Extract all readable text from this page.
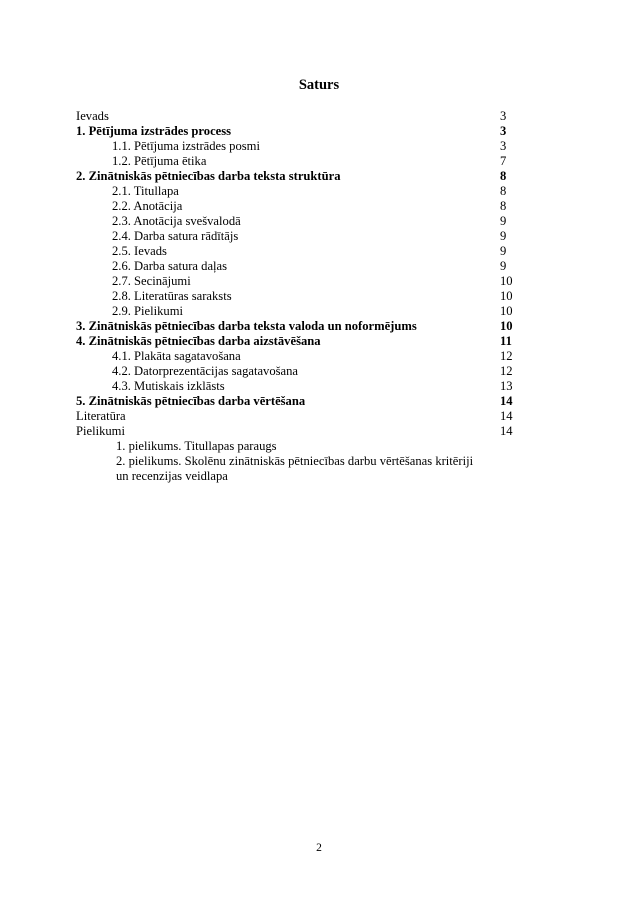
Saturs
Ievads	3
1. Pētījuma izstrādes process	3
1.1. Pētījuma izstrādes posmi	3
1.2. Pētījuma ētika	7
2. Zinātniskās pētniecības darba teksta struktūra	8
2.1. Titullapa	8
2.2. Anotācija	8
2.3. Anotācija svešvalodā	9
2.4. Darba satura rādītājs	9
2.5. Ievads	9
2.6. Darba satura daļas	9
2.7. Secinājumi	10
2.8. Literatūras saraksts	10
2.9. Pielikumi	10
3. Zinātniskās pētniecības darba teksta valoda un noformējums	10
4. Zinātniskās pētniecības darba aizstāvēšana	11
4.1. Plakāta sagatavošana	12
4.2. Datorprezentācijas sagatavošana	12
4.3. Mutiskais izklāsts	13
5. Zinātniskās pētniecības darba vērtēšana	14
Literatūra	14
Pielikumi	14
1. pielikums. Titullapas paraugs
2. pielikums. Skolēnu zinātniskās pētniecības darbu vērtēšanas kritēriji
un recenzijas veidlapa
2
